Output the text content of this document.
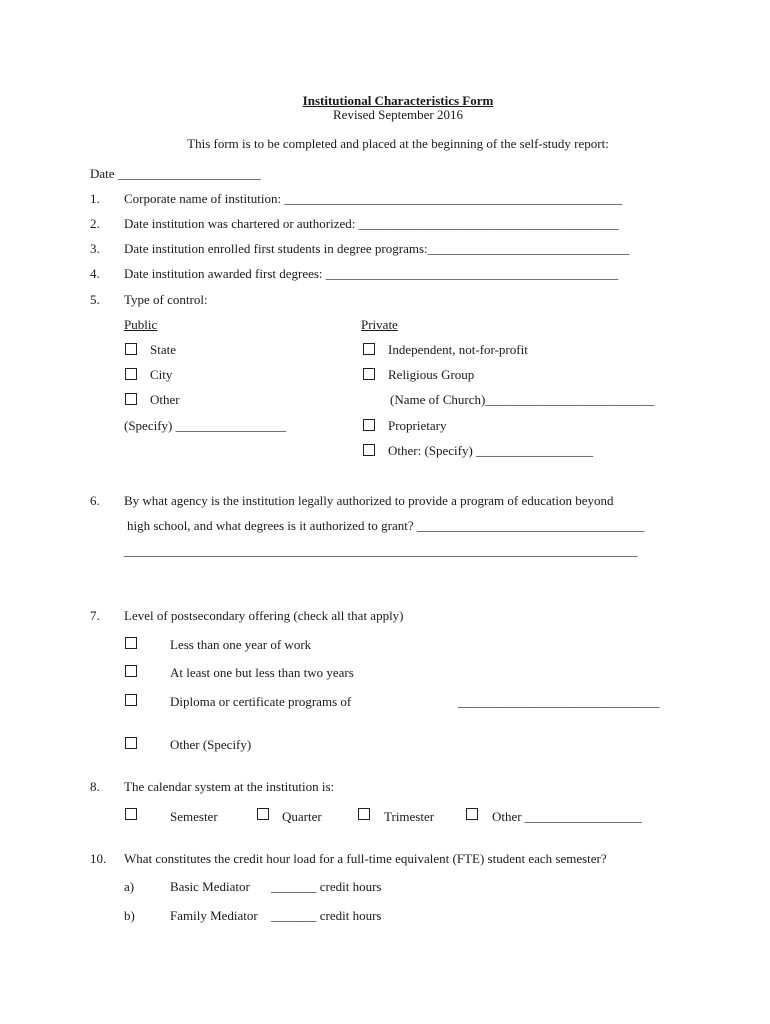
Institutional Characteristics Form
Revised September 2016
This form is to be completed and placed at the beginning of the self-study report:
Date ______________________
1. Corporate name of institution: ____________________________________________________
2. Date institution was chartered or authorized: ________________________________________
3. Date institution enrolled first students in degree programs:_______________________________
4. Date institution awarded first degrees: _____________________________________________
5. Type of control:
Public	Private
State
City
Other
(Specify) _________________
Independent, not-for-profit
Religious Group
(Name of Church)__________________________
Proprietary
Other: (Specify) __________________
6. By what agency is the institution legally authorized to provide a program of education beyond
high school, and what degrees is it authorized to grant? ___________________________________
_______________________________________________________________________________
7. Level of postsecondary offering (check all that apply)
Less than one year of work
At least one but less than two years
Diploma or certificate programs of	_______________________________
Other (Specify)
8. The calendar system at the institution is:
Semester	Quarter	Trimester	Other __________________
10. What constitutes the credit hour load for a full-time equivalent (FTE) student each semester?
a)	Basic Mediator _______ credit hours
b)	Family Mediator _______ credit hours
